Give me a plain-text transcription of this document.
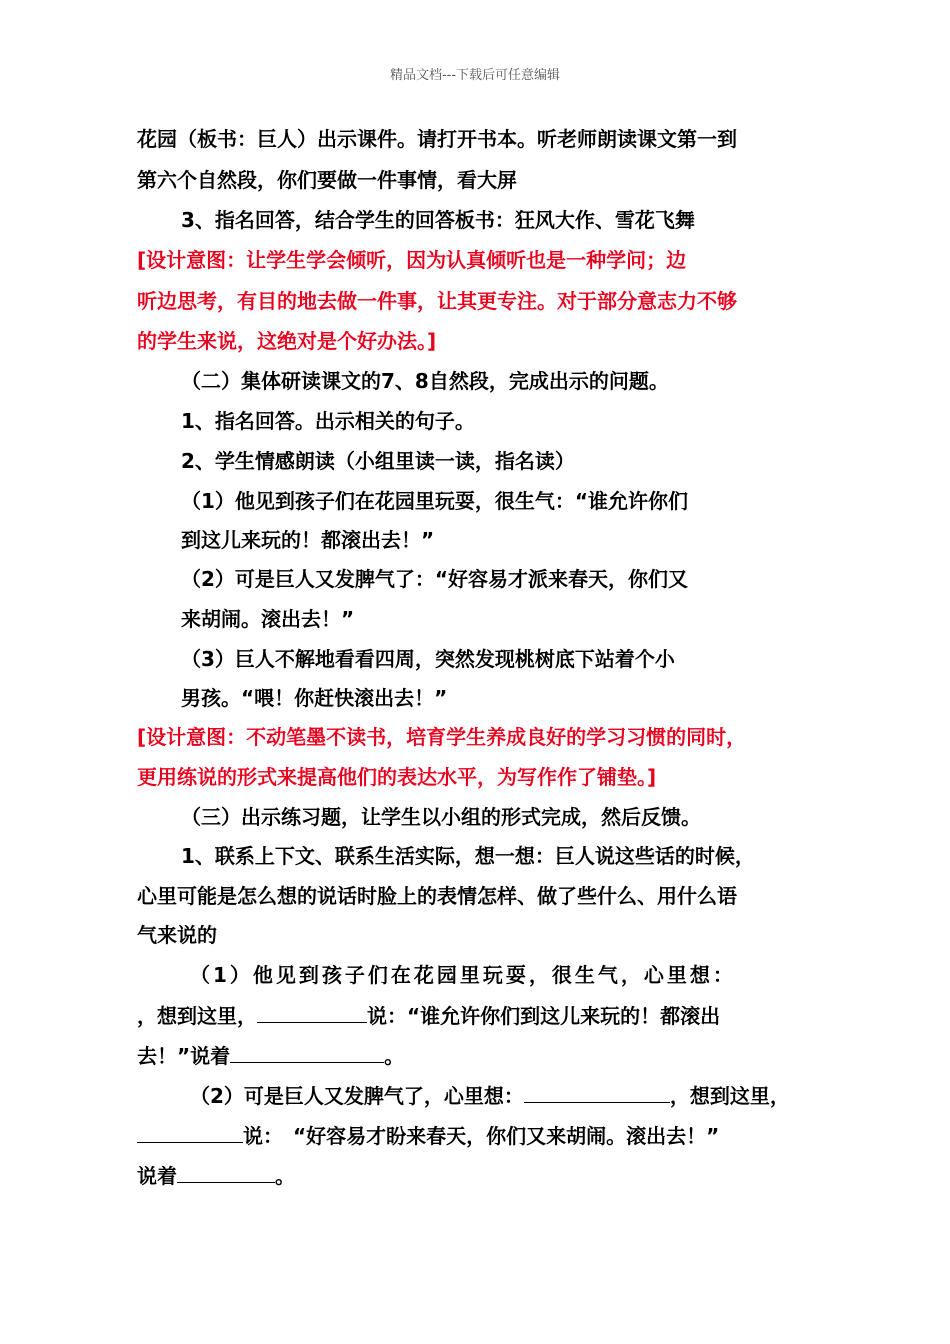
精品文档---下载后可任意编辑
花园（板书：巨人）出示课件。请打开书本。听老师朗读课文第一到
第六个自然段，你们要做一件事情，看大屏
3、指名回答，结合学生的回答板书：狂风大作、雪花飞舞
[设计意图：让学生学会倾听，因为认真倾听也是一种学问；边
听边思考，有目的地去做一件事，让其更专注。对于部分意志力不够
的学生来说，这绝对是个好办法。]
（二）集体研读课文的7、8自然段，完成出示的问题。
1、指名回答。出示相关的句子。
2、学生情感朗读（小组里读一读，指名读）
（1）他见到孩子们在花园里玩耍，很生气：“谁允许你们
到这儿来玩的！都滚出去！”
（2）可是巨人又发脾气了：“好容易才派来春天，你们又
来胡闹。滚出去！”
（3）巨人不解地看看四周，突然发现桃树底下站着个小
男孩。“喂！你赶快滚出去！”
[设计意图：不动笔墨不读书，培育学生养成良好的学习习惯的同时，
更用练说的形式来提高他们的表达水平，为写作作了铺垫。]
（三）出示练习题，让学生以小组的形式完成，然后反馈。
1、联系上下文、联系生活实际，想一想：巨人说这些话的时候，
心里可能是怎么想的说话时脸上的表情怎样、做了些什么、用什么语
气来说的
（1）他见到孩子们在花园里玩耍，很生气，心里想：
，想到这里，	说：“谁允许你们到这儿来玩的！都滚出
去！”说着	。
（2）可是巨人又发脾气了，心里想：	，想到这里，
说：　“好容易才盼来春天，你们又来胡闹。滚出去！”
说着	。
